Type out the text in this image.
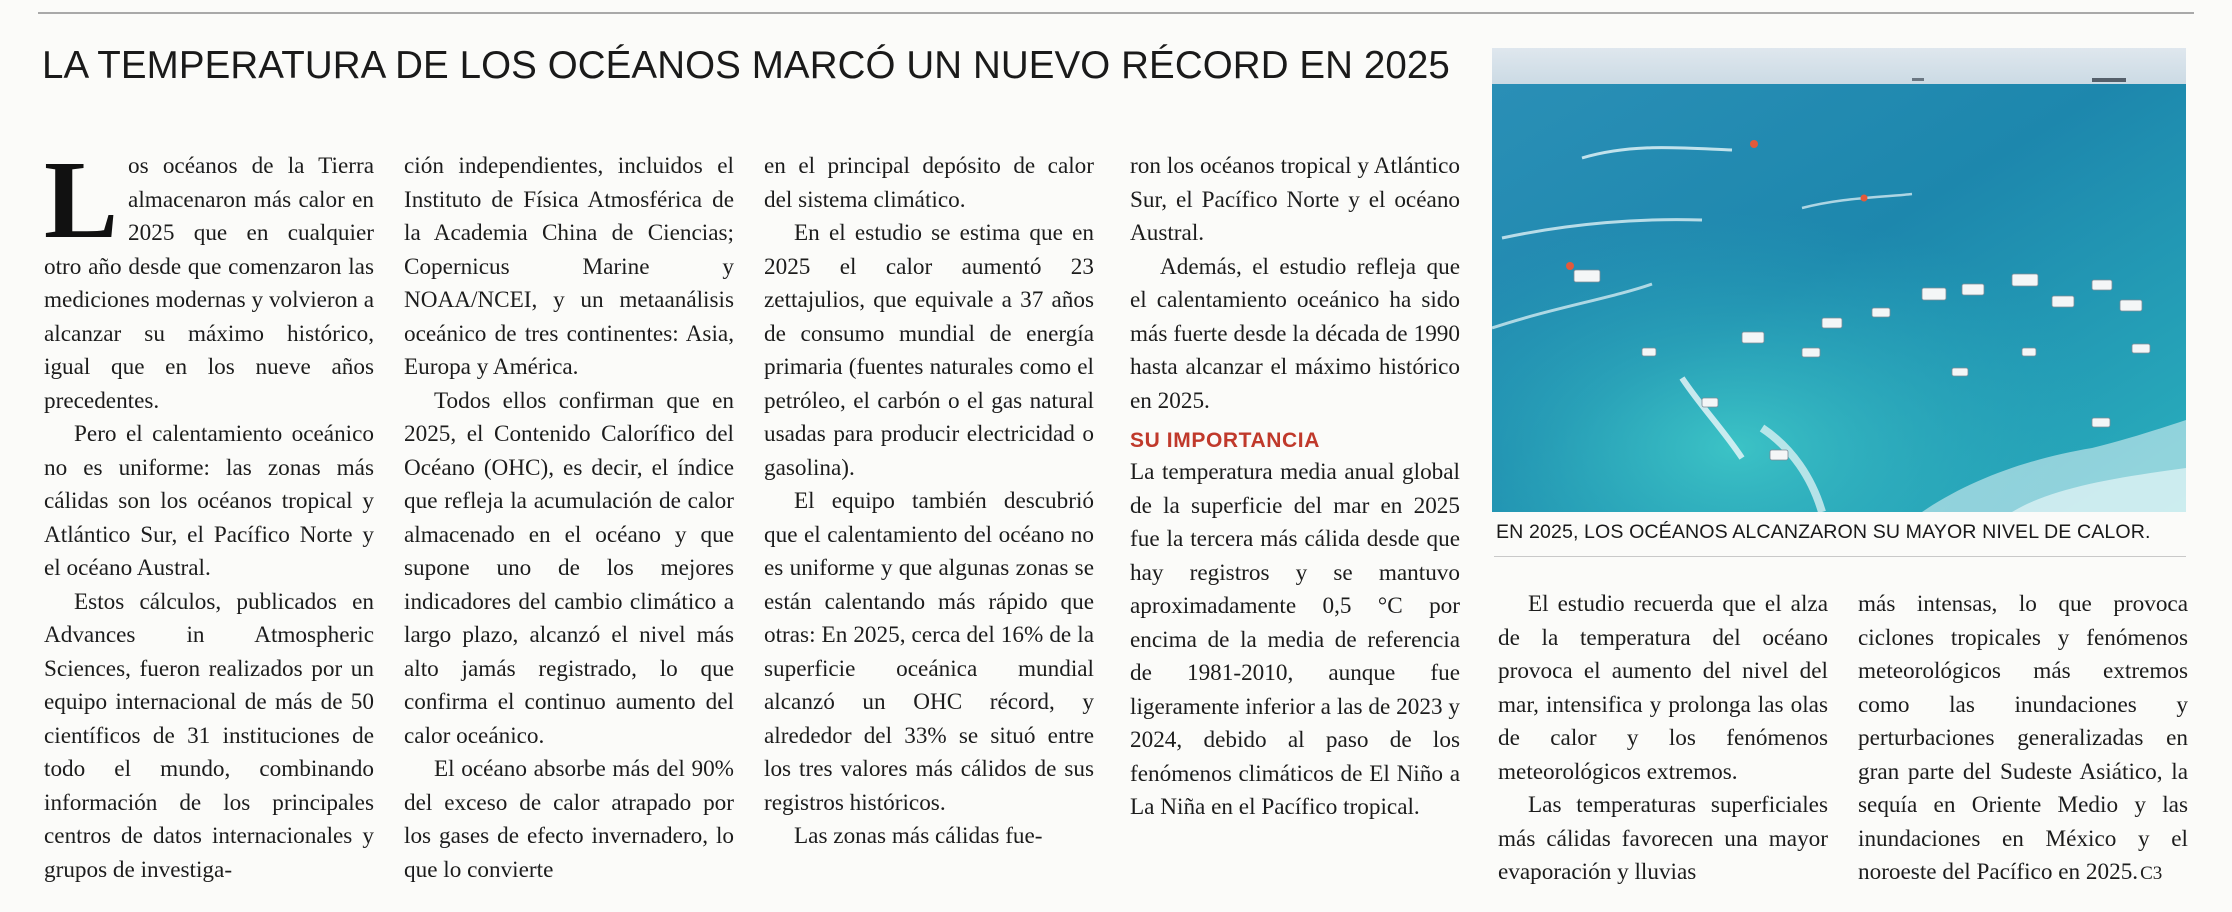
LA TEMPERATURA DE LOS OCÉANOS MARCÓ UN NUEVO RÉCORD EN 2025

Los océanos de la Tierra almacenaron más calor en 2025 que en cualquier otro año desde que comenzaron las mediciones modernas y volvieron a alcanzar su máximo histórico, igual que en los nueve años precedentes.

Pero el calentamiento oceánico no es uniforme: las zonas más cálidas son los océanos tropical y Atlántico Sur, el Pacífico Norte y el océano Austral.

Estos cálculos, publicados en Advances in Atmospheric Sciences, fueron realizados por un equipo internacional de más de 50 científicos de 31 instituciones de todo el mundo, combinando información de los principales centros de datos internacionales y grupos de investiga-

ción independientes, incluidos el Instituto de Física Atmosférica de la Academia China de Ciencias; Copernicus Marine y NOAA/NCEI, y un metaanálisis oceánico de tres continentes: Asia, Europa y América.

Todos ellos confirman que en 2025, el Contenido Calorífico del Océano (OHC), es decir, el índice que refleja la acumulación de calor almacenado en el océano y que supone uno de los mejores indicadores del cambio climático a largo plazo, alcanzó el nivel más alto jamás registrado, lo que confirma el continuo aumento del calor oceánico.

El océano absorbe más del 90% del exceso de calor atrapado por los gases de efecto invernadero, lo que lo convierte

en el principal depósito de calor del sistema climático.

En el estudio se estima que en 2025 el calor aumentó 23 zettajulios, que equivale a 37 años de consumo mundial de energía primaria (fuentes naturales como el petróleo, el carbón o el gas natural usadas para producir electricidad o gasolina).

El equipo también descubrió que el calentamiento del océano no es uniforme y que algunas zonas se están calentando más rápido que otras: En 2025, cerca del 16% de la superficie oceánica mundial alcanzó un OHC récord, y alrededor del 33% se situó entre los tres valores más cálidos de sus registros históricos.

Las zonas más cálidas fue-

ron los océanos tropical y Atlántico Sur, el Pacífico Norte y el océano Austral.

Además, el estudio refleja que el calentamiento oceánico ha sido más fuerte desde la década de 1990 hasta alcanzar el máximo histórico en 2025.

SU IMPORTANCIA

La temperatura media anual global de la superficie del mar en 2025 fue la tercera más cálida desde que hay registros y se mantuvo aproximadamente 0,5 °C por encima de la media de referencia de 1981-2010, aunque fue ligeramente inferior a las de 2023 y 2024, debido al paso de los fenómenos climáticos de El Niño a La Niña en el Pacífico tropical.

EN 2025, LOS OCÉANOS ALCANZARON SU MAYOR NIVEL DE CALOR.

El estudio recuerda que el alza de la temperatura del océano provoca el aumento del nivel del mar, intensifica y prolonga las olas de calor y los fenómenos meteorológicos extremos.

Las temperaturas superficiales más cálidas favorecen una mayor evaporación y lluvias

más intensas, lo que provoca ciclones tropicales y fenómenos meteorológicos más extremos como las inundaciones y perturbaciones generalizadas en gran parte del Sudeste Asiático, la sequía en Oriente Medio y las inundaciones en México y el noroeste del Pacífico en 2025. C3
